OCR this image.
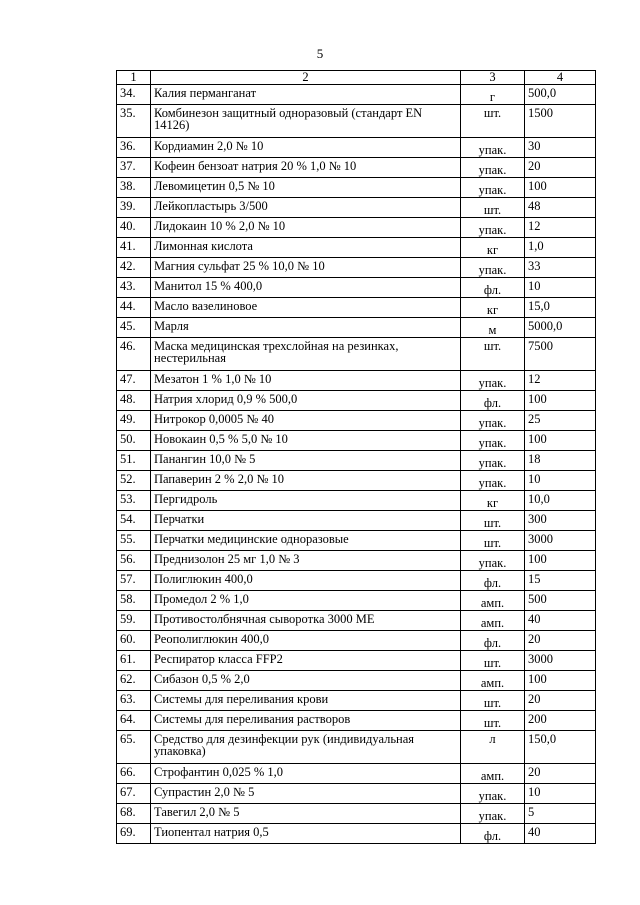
5
1	2	3	4
34.	Калия перманганат	г	500,0
35.	Комбинезон защитный одноразовый (стандарт EN 14126)	шт.	1500
36.	Кордиамин 2,0 № 10	упак.	30
37.	Кофеин бензоат натрия 20 % 1,0 № 10	упак.	20
38.	Левомицетин 0,5 № 10	упак.	100
39.	Лейкопластырь 3/500	шт.	48
40.	Лидокаин 10 % 2,0 № 10	упак.	12
41.	Лимонная кислота	кг	1,0
42.	Магния сульфат 25 % 10,0 № 10	упак.	33
43.	Манитол 15 % 400,0	фл.	10
44.	Масло вазелиновое	кг	15,0
45.	Марля	м	5000,0
46.	Маска медицинская трехслойная на резинках, нестерильная	шт.	7500
47.	Мезатон 1 % 1,0 № 10	упак.	12
48.	Натрия хлорид 0,9 % 500,0	фл.	100
49.	Нитрокор 0,0005 № 40	упак.	25
50.	Новокаин 0,5 % 5,0 № 10	упак.	100
51.	Панангин 10,0 № 5	упак.	18
52.	Папаверин 2 % 2,0 № 10	упак.	10
53.	Пергидроль	кг	10,0
54.	Перчатки	шт.	300
55.	Перчатки медицинские одноразовые	шт.	3000
56.	Преднизолон 25 мг 1,0 № 3	упак.	100
57.	Полиглюкин 400,0	фл.	15
58.	Промедол 2 % 1,0	амп.	500
59.	Противостолбнячная сыворотка 3000 МЕ	амп.	40
60.	Реополиглюкин 400,0	фл.	20
61.	Респиратор класса FFP2	шт.	3000
62.	Сибазон 0,5 % 2,0	амп.	100
63.	Системы для переливания крови	шт.	20
64.	Системы для переливания растворов	шт.	200
65.	Средство для дезинфекции рук (индивидуальная упаковка)	л	150,0
66.	Строфантин 0,025 % 1,0	амп.	20
67.	Супрастин 2,0 № 5	упак.	10
68.	Тавегил 2,0 № 5	упак.	5
69.	Тиопентал натрия 0,5	фл.	40
